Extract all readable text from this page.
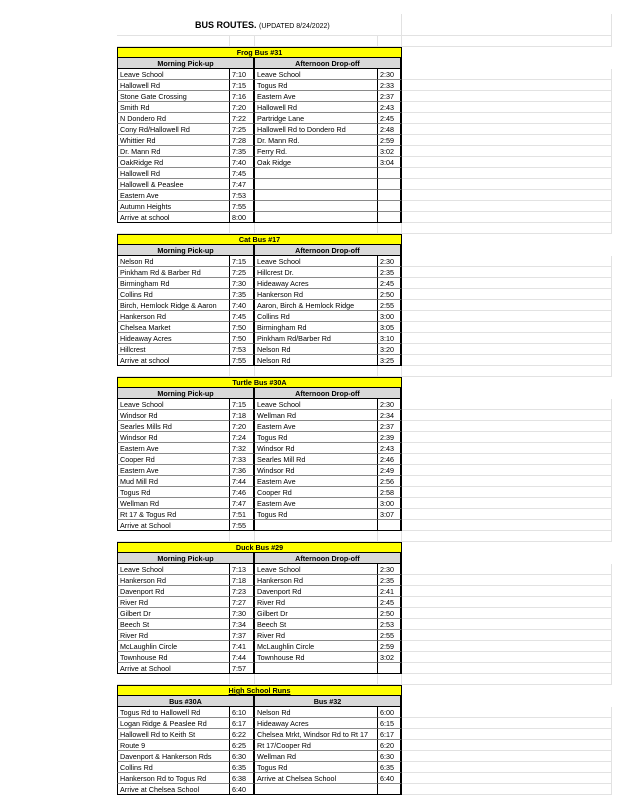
BUS ROUTES. (UPDATED 8/24/2022)
Frog Bus #31
Morning Pick-up	Afternoon Drop-off
Leave School	7:10	Leave School	2:30
Hallowell Rd	7:15	Togus Rd	2:33
Stone Gate Crossing	7:16	Eastern Ave	2:37
Smith Rd	7:20	Hallowell Rd	2:43
N Dondero Rd	7:22	Partridge Lane	2:45
Cony Rd/Hallowell Rd	7:25	Hallowell Rd to Dondero Rd	2:48
Whittier Rd	7:28	Dr. Mann Rd.	2:59
Dr. Mann Rd	7:35	Ferry Rd.	3:02
OakRidge Rd	7:40	Oak Ridge	3:04
Hallowell Rd	7:45
Hallowell & Peaslee	7:47
Eastern Ave	7:53
Autumn Heights	7:55
Arrive at school	8:00
Cat Bus #17
Morning Pick-up	Afternoon Drop-off
Nelson Rd	7:15	Leave School	2:30
Pinkham Rd & Barber Rd	7:25	Hillcrest Dr.	2:35
Birmingham Rd	7:30	Hideaway Acres	2:45
Collins Rd	7:35	Hankerson Rd	2:50
Birch, Hemlock Ridge & Aaron	7:40	Aaron, Birch & Hemlock Ridge	2:55
Hankerson Rd	7:45	Collins Rd	3:00
Chelsea Market	7:50	Birmingham Rd	3:05
Hideaway Acres	7:50	Pinkham Rd/Barber Rd	3:10
Hillcrest	7:53	Nelson Rd	3:20
Arrive at school	7:55	Nelson Rd	3:25
Turtle Bus #30A
Morning Pick-up	Afternoon Drop-off
Leave School	7:15	Leave School	2:30
Windsor Rd	7:18	Wellman Rd	2:34
Searles Mills Rd	7:20	Eastern Ave	2:37
Windsor Rd	7:24	Togus Rd	2:39
Eastern Ave	7:32	Windsor Rd	2:43
Cooper Rd	7:33	Searles Mill Rd	2:46
Eastern Ave	7:36	Windsor Rd	2:49
Mud Mill Rd	7:44	Eastern Ave	2:56
Togus Rd	7:46	Cooper Rd	2:58
Wellman Rd	7:47	Eastern Ave	3:00
Rt 17 & Togus Rd	7:51	Togus Rd	3:07
Arrive at School	7:55
Duck Bus #29
Morning Pick-up	Afternoon Drop-off
Leave School	7:13	Leave School	2:30
Hankerson Rd	7:18	Hankerson Rd	2:35
Davenport Rd	7:23	Davenport Rd	2:41
River Rd	7:27	River Rd	2:45
Gilbert Dr	7:30	Gilbert Dr	2:50
Beech St	7:34	Beech St	2:53
River Rd	7:37	River Rd	2:55
McLaughlin Circle	7:41	McLaughlin Circle	2:59
Townhouse Rd	7:44	Townhouse Rd	3:02
Arrive at School	7:57
High School Runs
Bus #30A	Bus #32
Togus Rd to Hallowell Rd	6:10	Nelson Rd	6:00
Logan Ridge & Peaslee Rd	6:17	Hideaway Acres	6:15
Hallowell Rd to Keith St	6:22	Chelsea Mrkt, Windsor Rd to Rt 17	6:17
Route 9	6:25	Rt 17/Cooper Rd	6:20
Davenport & Hankerson Rds	6:30	Wellman Rd	6:30
Collins Rd	6:35	Togus Rd	6:35
Hankerson Rd to Togus Rd	6:38	Arrive at Chelsea School	6:40
Arrive at Chelsea School	6:40
